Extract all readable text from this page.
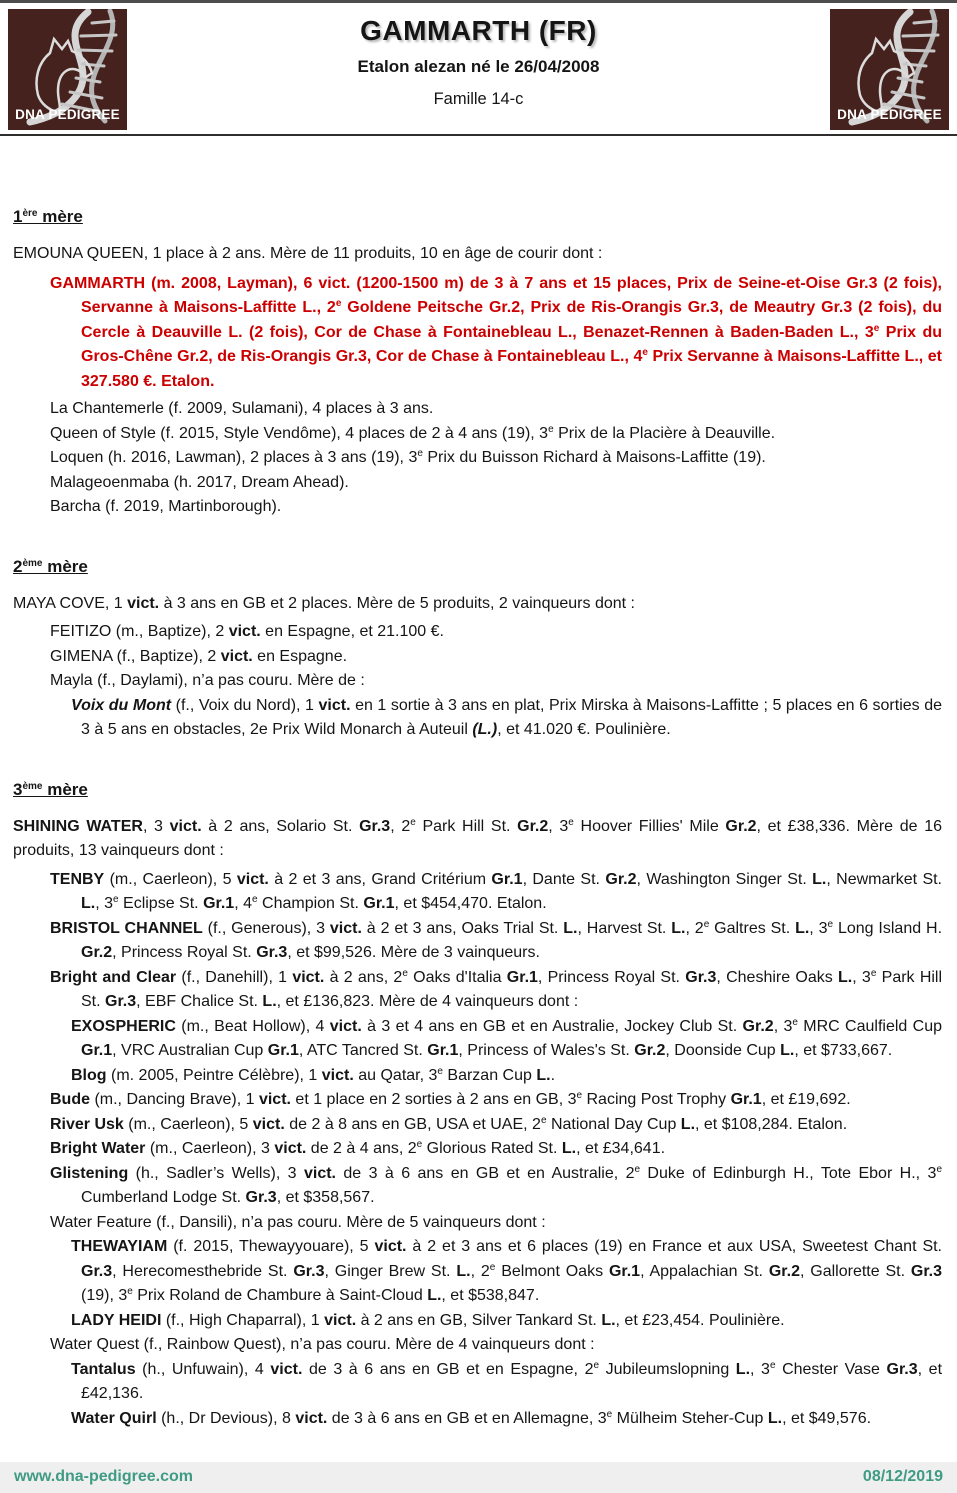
DNA PEDIGREE	DNA PEDIGREE
GAMMARTH (FR)
Etalon alezan né le 26/04/2008
Famille 14-c
1ère mère

EMOUNA QUEEN, 1 place à 2 ans. Mère de 11 produits, 10 en âge de courir dont :

GAMMARTH (m. 2008, Layman), 6 vict. (1200-1500 m) de 3 à 7 ans et 15 places, Prix de Seine-et-Oise Gr.3 (2 fois), Servanne à Maisons-Laffitte L., 2e Goldene Peitsche Gr.2, Prix de Ris-Orangis Gr.3, de Meautry Gr.3 (2 fois), du Cercle à Deauville L. (2 fois), Cor de Chase à Fontainebleau L., Benazet-Rennen à Baden-Baden L., 3e Prix du Gros-Chêne Gr.2, de Ris-Orangis Gr.3, Cor de Chase à Fontainebleau L., 4e Prix Servanne à Maisons-Laffitte L., et 327.580 €. Etalon.

La Chantemerle (f. 2009, Sulamani), 4 places à 3 ans.

Queen of Style (f. 2015, Style Vendôme), 4 places de 2 à 4 ans (19), 3e Prix de la Placière à Deauville.

Loquen (h. 2016, Lawman), 2 places à 3 ans (19), 3e Prix du Buisson Richard à Maisons-Laffitte (19).

Malageoenmaba (h. 2017, Dream Ahead).

Barcha (f. 2019, Martinborough).

2ème mère

MAYA COVE, 1 vict. à 3 ans en GB et 2 places. Mère de 5 produits, 2 vainqueurs dont :

FEITIZO (m., Baptize), 2 vict. en Espagne, et 21.100 €.

GIMENA (f., Baptize), 2 vict. en Espagne.

Mayla (f., Daylami), n’a pas couru. Mère de :

Voix du Mont (f., Voix du Nord), 1 vict. en 1 sortie à 3 ans en plat, Prix Mirska à Maisons-Laffitte ; 5 places en 6 sorties de 3 à 5 ans en obstacles, 2e Prix Wild Monarch à Auteuil (L.), et 41.020 €. Poulinière.

3ème mère

SHINING WATER, 3 vict. à 2 ans, Solario St. Gr.3, 2e Park Hill St. Gr.2, 3e Hoover Fillies' Mile Gr.2, et £38,336. Mère de 16 produits, 13 vainqueurs dont :

TENBY (m., Caerleon), 5 vict. à 2 et 3 ans, Grand Critérium Gr.1, Dante St. Gr.2, Washington Singer St. L., Newmarket St. L., 3e Eclipse St. Gr.1, 4e Champion St. Gr.1, et $454,470. Etalon.

BRISTOL CHANNEL (f., Generous), 3 vict. à 2 et 3 ans, Oaks Trial St. L., Harvest St. L., 2e Galtres St. L., 3e Long Island H. Gr.2, Princess Royal St. Gr.3, et $99,526. Mère de 3 vainqueurs.

Bright and Clear (f., Danehill), 1 vict. à 2 ans, 2e Oaks d'Italia Gr.1, Princess Royal St. Gr.3, Cheshire Oaks L., 3e Park Hill St. Gr.3, EBF Chalice St. L., et £136,823. Mère de 4 vainqueurs dont :

EXOSPHERIC (m., Beat Hollow), 4 vict. à 3 et 4 ans en GB et en Australie, Jockey Club St. Gr.2, 3e MRC Caulfield Cup Gr.1, VRC Australian Cup Gr.1, ATC Tancred St. Gr.1, Princess of Wales's St. Gr.2, Doonside Cup L., et $733,667.

Blog (m. 2005, Peintre Célèbre), 1 vict. au Qatar, 3e Barzan Cup L..

Bude (m., Dancing Brave), 1 vict. et 1 place en 2 sorties à 2 ans en GB, 3e Racing Post Trophy Gr.1, et £19,692.

River Usk (m., Caerleon), 5 vict. de 2 à 8 ans en GB, USA et UAE, 2e National Day Cup L., et $108,284. Etalon.

Bright Water (m., Caerleon), 3 vict. de 2 à 4 ans, 2e Glorious Rated St. L., et £34,641.

Glistening (h., Sadler’s Wells), 3 vict. de 3 à 6 ans en GB et en Australie, 2e Duke of Edinburgh H., Tote Ebor H., 3e Cumberland Lodge St. Gr.3, et $358,567.

Water Feature (f., Dansili), n’a pas couru. Mère de 5 vainqueurs dont :

THEWAYIAM (f. 2015, Thewayyouare), 5 vict. à 2 et 3 ans et 6 places (19) en France et aux USA, Sweetest Chant St. Gr.3, Herecomesthebride St. Gr.3, Ginger Brew St. L., 2e Belmont Oaks Gr.1, Appalachian St. Gr.2, Gallorette St. Gr.3 (19), 3e Prix Roland de Chambure à Saint-Cloud L., et $538,847.

LADY HEIDI (f., High Chaparral), 1 vict. à 2 ans en GB, Silver Tankard St. L., et £23,454. Poulinière.

Water Quest (f., Rainbow Quest), n’a pas couru. Mère de 4 vainqueurs dont :

Tantalus (h., Unfuwain), 4 vict. de 3 à 6 ans en GB et en Espagne, 2e Jubileumslopning L., 3e Chester Vase Gr.3, et £42,136.

Water Quirl (h., Dr Devious), 8 vict. de 3 à 6 ans en GB et en Allemagne, 3e Mülheim Steher-Cup L., et $49,576.

www.dna-pedigree.com	08/12/2019
